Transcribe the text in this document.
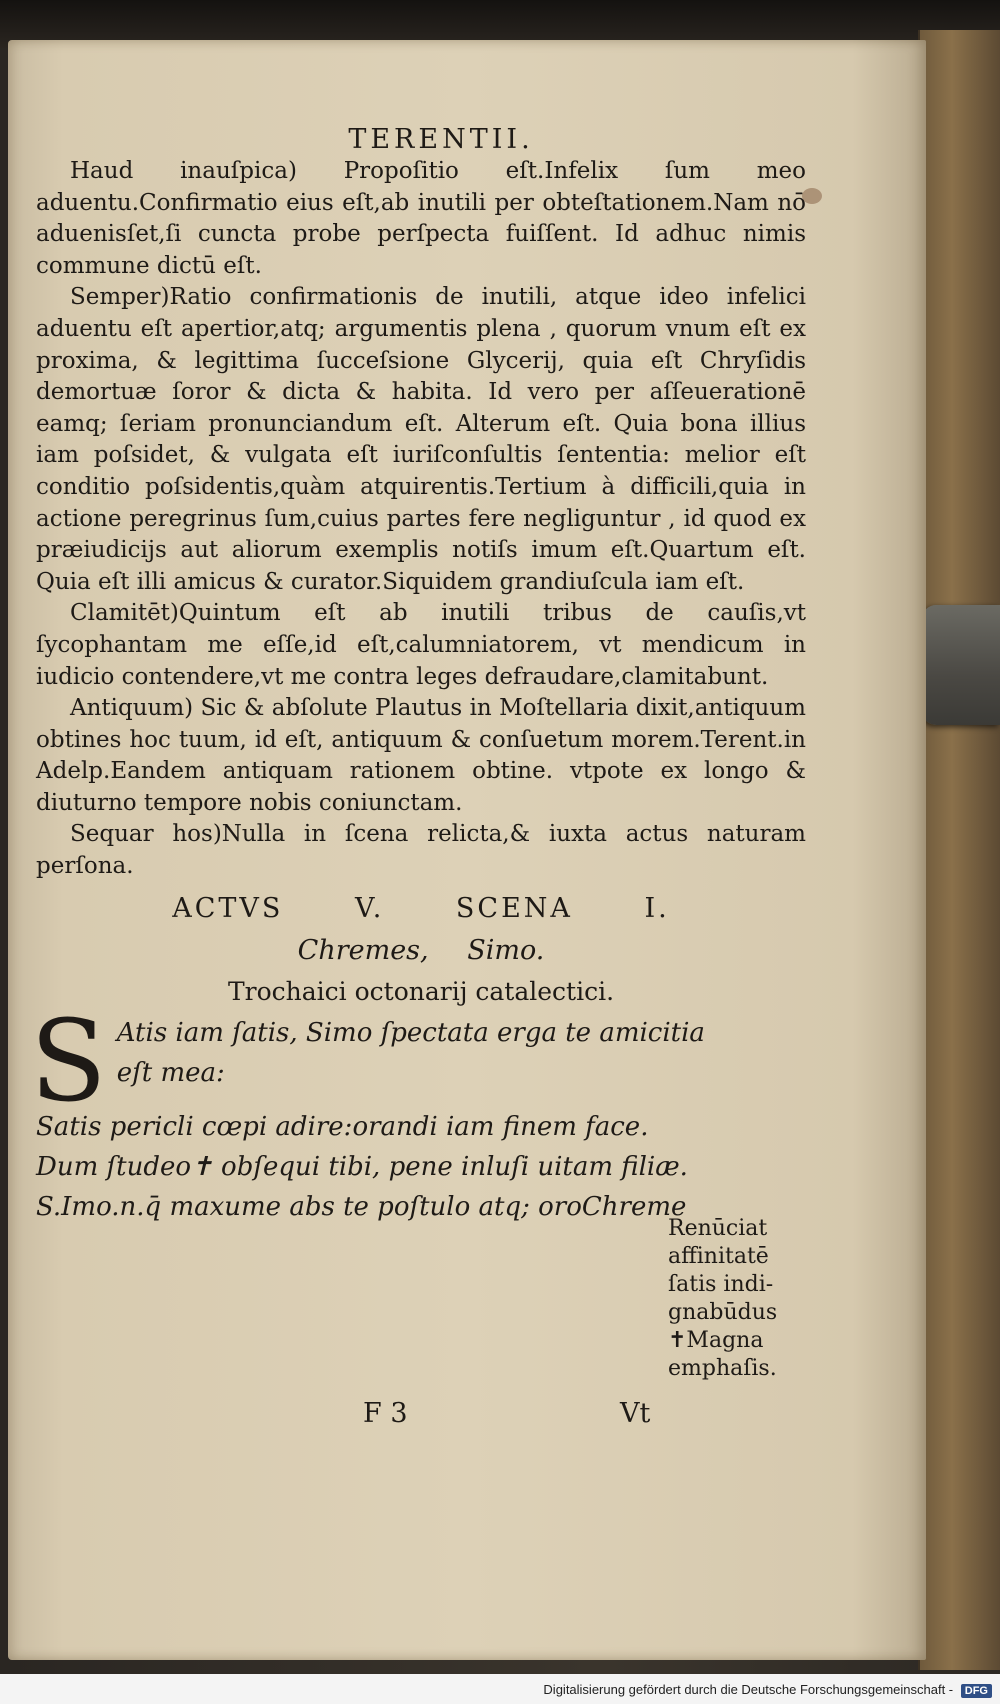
TERENTII.

Haud inauſpica) Propoſitio eſt.Infelix ſum meo aduentu.Confirmatio eius eſt,ab inutili per obteſtationem.Nam nō aduenisſet,ſi cuncta probe perſpecta fuiſſent. Id adhuc nimis commune dictū eſt.

Semper)Ratio confirmationis de inutili, atque ideo infelici aduentu eſt apertior,atq; argumentis plena , quorum vnum eſt ex proxima, & legittima ſucceſsione Glycerij, quia eſt Chryſidis demortuæ ſoror & dicta & habita. Id vero per aſſeuerationē eamq; ſeriam pronunciandum eſt. Alterum eſt. Quia bona illius iam poſsidet, & vulgata eſt iuriſconſultis ſententia: melior eſt conditio poſsidentis,quàm atquirentis.Tertium à difficili,quia in actione peregrinus ſum,cuius partes fere negliguntur , id quod ex præiudicijs aut aliorum exemplis notiſs imum eſt.Quartum eſt. Quia eſt illi amicus & curator.Siquidem grandiuſcula iam eſt.

Clamitēt)Quintum eſt ab inutili tribus de cauſis,vt ſycophantam me eſſe,id eſt,calumniatorem, vt mendicum in iudicio contendere,vt me contra leges defraudare,clamitabunt.

Antiquum) Sic & abſolute Plautus in Moſtellaria dixit,antiquum obtines hoc tuum, id eſt, antiquum & conſuetum morem.Terent.in Adelp.Eandem antiquam rationem obtine. vtpote ex longo & diuturno tempore nobis coniunctam.

Sequar hos)Nulla in ſcena relicta,& iuxta actus naturam perſona.

ACTVS V. SCENA I.
Chremes, Simo.
Trochaici octonarij catalectici.
S Atis iam ſatis, Simo ſpectata erga te amicitia
eſt mea:
Satis pericli cœpi adire:orandi iam finem face.
Dum ſtudeo✝ obſequi tibi, pene inluſi uitam filiæ.
S.Imo.n.q̄ maxume abs te poſtulo atq; oroChreme
Renūciat
affinitatē
ſatis indi-
gnabūdus
✝Magna
emphaſis.
F 3	Vt
Digitalisierung gefördert durch die Deutsche Forschungsgemeinschaft - DFG
